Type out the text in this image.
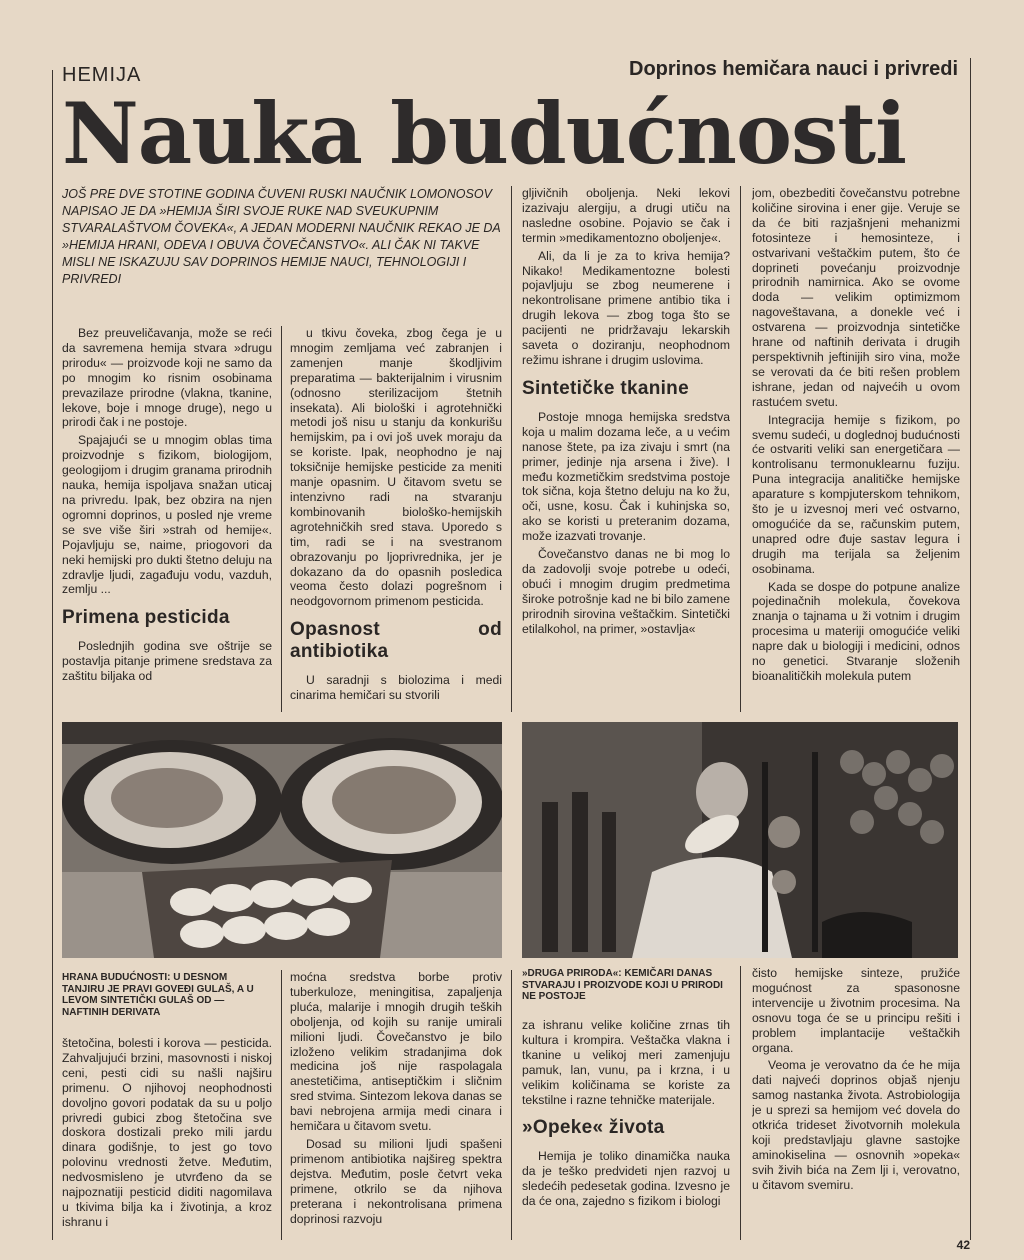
HEMIJA	Doprinos hemičara nauci i privredi
Nauka budućnosti
JOŠ PRE DVE STOTINE GODINA ČUVENI RUSKI NAUČNIK LOMONOSOV NAPISAO JE DA »HEMIJA ŠIRI SVOJE RUKE NAD SVEUKUPNIM STVARALAŠTVOM ČOVEKA«, A JEDAN MODERNI NAUČNIK REKAO JE DA »HEMIJA HRANI, ODEVA I OBUVA ČOVEČANSTVO«. ALI ČAK NI TAKVE MISLI NE ISKAZUJU SAV DOPRINOS HEMIJE NAUCI, TEHNOLOGIJI I PRIVREDI

Bez preuveličavanja, može se reći da savremena hemija stvara »drugu prirodu« — proizvode koji ne samo da po mnogim ko risnim osobinama prevazilaze prirodne (vlakna, tkanine, lekove, boje i mnoge druge), nego u prirodi čak i ne postoje.

Spajajući se u mnogim oblas tima proizvodnje s fizikom, biologijom, geologijom i drugim granama prirodnih nauka, hemija ispoljava snažan uticaj na privredu. Ipak, bez obzira na njen ogromni doprinos, u posled nje vreme se sve više širi »strah od hemije«. Pojavljuju se, naime, priogovori da neki hemijski pro dukti štetno deluju na zdravlje ljudi, zagađuju vodu, vazduh, zemlju ...

Primena pesticida

Poslednjih godina sve oštrije se postavlja pitanje primene sredstava za zaštitu biljaka od

u tkivu čoveka, zbog čega je u mnogim zemljama već zabranjen i zamenjen manje škodljivim preparatima — bakterijalnim i virusnim (odnosno sterilizacijom štetnih insekata). Ali biološki i agrotehnički metodi još nisu u stanju da konkurišu hemijskim, pa i ovi još uvek moraju da se koriste. Ipak, neophodno je naj toksičnije hemijske pesticide za meniti manje opasnim. U čitavom svetu se intenzivno radi na stvaranju kombinovanih biološko-hemijskih agrotehničkih sred stava. Uporedo s tim, radi se i na svestranom obrazovanju po ljoprivrednika, jer je dokazano da do opasnih posledica veoma često dolazi pogrešnom i neodgovornom primenom pesticida.

Opasnost od antibiotika

U saradnji s biolozima i medi cinarima hemičari su stvorili

gljivičnih oboljenja. Neki lekovi izazivaju alergiju, a drugi utiču na nasledne osobine. Pojavio se čak i termin »medikamentozno oboljenje«.

Ali, da li je za to kriva hemija? Nikako! Medikamentozne bolesti pojavljuju se zbog neumerene i nekontrolisane primene antibio tika i drugih lekova — zbog toga što se pacijenti ne pridržavaju lekarskih saveta o doziranju, neophodnom režimu ishrane i drugim uslovima.

Sintetičke tkanine

Postoje mnoga hemijska sredstva koja u malim dozama leče, a u većim nanose štete, pa iza zivaju i smrt (na primer, jedinje nja arsena i žive). I među kozmetičkim sredstvima postoje tok sična, koja štetno deluju na ko žu, oči, usne, kosu. Čak i kuhinjska so, ako se koristi u preteranim dozama, može izazvati trovanje.

Čovečanstvo danas ne bi mog lo da zadovolji svoje potrebe u odeći, obući i mnogim drugim predmetima široke potrošnje kad ne bi bilo zamene prirodnih sirovina veštačkim. Sintetički etilalkohol, na primer, »ostavlja«

jom, obezbediti čovečanstvu potrebne količine sirovina i ener gije. Veruje se da će biti razjašnjeni mehanizmi fotosinteze i hemosinteze, i ostvarivani veštačkim putem, što će doprineti povećanju proizvodnje prirodnih namirnica. Ako se ovome doda — velikim optimizmom nagoveštavana, a donekle već i ostvarena — proizvodnja sintetičke hrane od naftinih derivata i drugih perspektivnih jeftinijih siro vina, može se verovati da će biti rešen problem ishrane, jedan od najvećih u ovom rastućem svetu.

Integracija hemije s fizikom, po svemu sudeći, u doglednoj budućnosti će ostvariti veliki san energetičara — kontrolisanu termonuklearnu fuziju. Puna integracija analitičke hemijske aparature s kompjuterskom tehnikom, što je u izvesnoj meri već ostvarno, omogućiće da se, računskim putem, unapred odre đuje sastav legura i drugih ma terijala sa željenim osobinama.

Kada se dospe do potpune analize pojedinačnih molekula, čovekova znanja o tajnama u ži votnim i drugim procesima u materiji omogućiće veliki napre dak u biologiji i medicini, odnos no genetici. Stvaranje složenih bioanalitičkih molekula putem

HRANA BUDUĆNOSTI: U DESNOM TANJIRU JE PRAVI GOVEĐI GULAŠ, A U LEVOM SINTETIČKI GULAŠ OD — NAFTINIH DERIVATA

štetočina, bolesti i korova — pesticida. Zahvaljujući brzini, masovnosti i niskoj ceni, pesti cidi su našli najširu primenu. O njihovoj neophodnosti dovoljno govori podatak da su u poljo privredi gubici zbog štetočina sve doskora dostizali preko mili jardu dinara godišnje, to jest go tovo polovinu vrednosti žetve. Međutim, nedvosmisleno je utvrđeno da se najpoznatiji pesticid diditi nagomilava u tkivima bilja ka i životinja, a kroz ishranu i

moćna sredstva borbe protiv tuberkuloze, meningitisa, zapaljenja pluća, malarije i mnogih drugih teških oboljenja, od kojih su ranije umirali milioni ljudi. Čovečanstvo je bilo izloženo velikim stradanjima dok medicina još nije raspolagala anestetičima, antiseptičkim i sličnim sred stvima. Sintezom lekova danas se bavi nebrojena armija medi cinara i hemičara u čitavom svetu.

Dosad su milioni ljudi spašeni primenom antibiotika najšireg spektra dejstva. Međutim, posle četvrt veka primene, otkrilo se da njihova preterana i nekontrolisana primena doprinosi razvoju

»DRUGA PRIRODA«: KEMIČARI DANAS STVARAJU I PROIZVODE KOJI U PRIRODI NE POSTOJE

za ishranu velike količine zrnas tih kultura i krompira. Veštačka vlakna i tkanine u velikoj meri zamenjuju pamuk, lan, vunu, pa i krzna, i u velikim količinama se koriste za tekstilne i razne tehničke materijale.

»Opeke« života

Hemija je toliko dinamička nauka da je teško predvideti njen razvoj u sledećih pedesetak godina. Izvesno je da će ona, zajedno s fizikom i biologi

čisto hemijske sinteze, pružiće mogućnost za spasonosne intervencije u životnim procesima. Na osnovu toga će se u principu rešiti i problem implantacije veštačkih organa.

Veoma je verovatno da će he mija dati najveći doprinos objaš njenju samog nastanka života. Astrobiologija je u sprezi sa hemijom već dovela do otkrića trideset životvornih molekula koji predstavljaju glavne sastojke aminokiselina — osnovnih »opeka« svih živih bića na Zem lji i, verovatno, u čitavom svemiru.

42
